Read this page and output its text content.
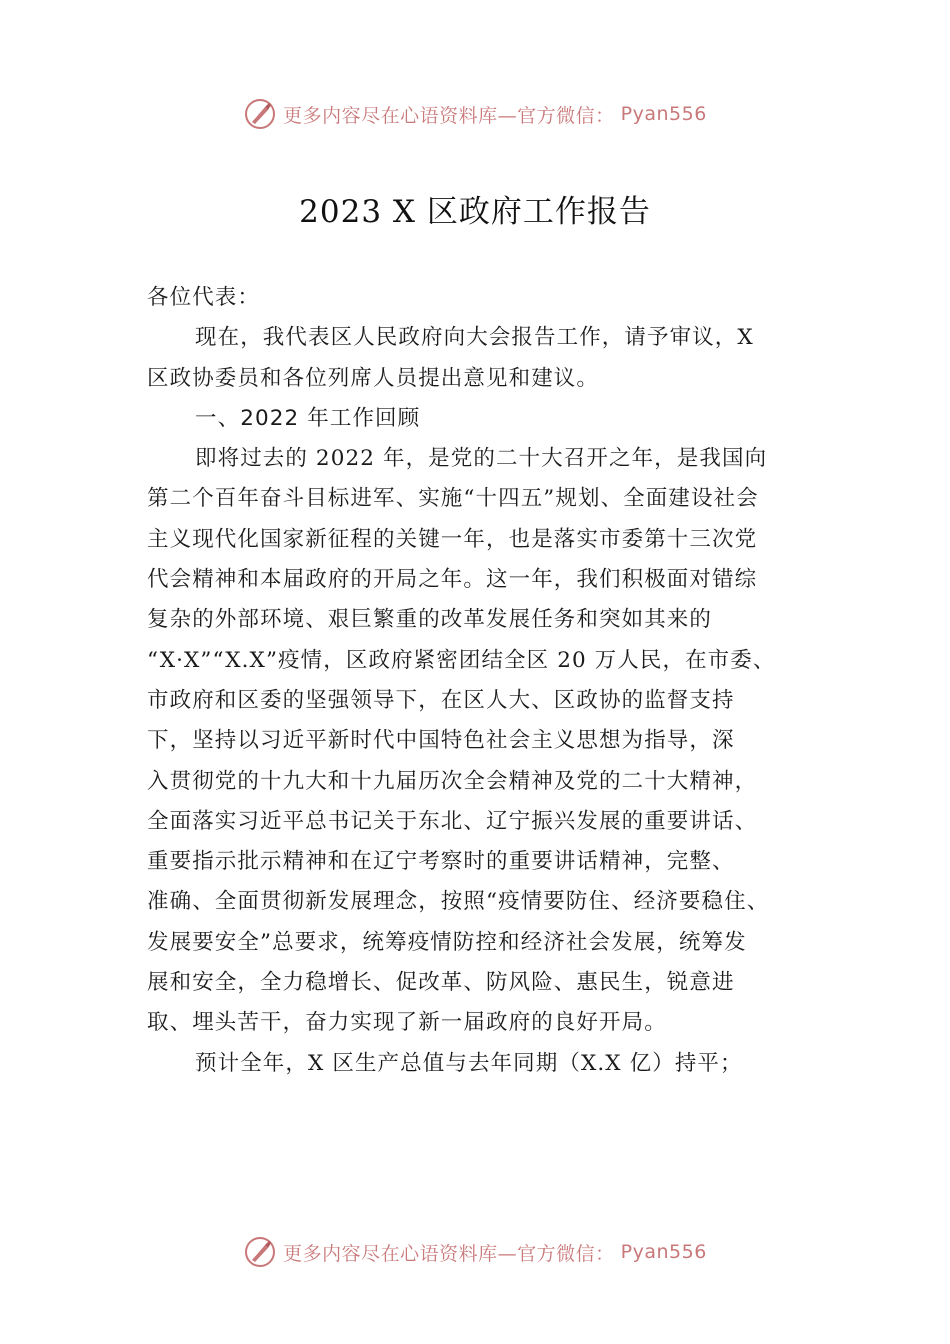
更多内容尽在心语资料库—官方微信： Pyan556
2023 X 区政府工作报告
各位代表：
现在，我代表区人民政府向大会报告工作，请予审议，X
区政协委员和各位列席人员提出意见和建议。
一、2022 年工作回顾
即将过去的 2022 年，是党的二十大召开之年，是我国向
第二个百年奋斗目标进军、实施“十四五”规划、全面建设社会
主义现代化国家新征程的关键一年，也是落实市委第十三次党
代会精神和本届政府的开局之年。这一年，我们积极面对错综
复杂的外部环境、艰巨繁重的改革发展任务和突如其来的
“X·X”“X.X”疫情，区政府紧密团结全区 20 万人民，在市委、
市政府和区委的坚强领导下，在区人大、区政协的监督支持
下，坚持以习近平新时代中国特色社会主义思想为指导，深
入贯彻党的十九大和十九届历次全会精神及党的二十大精神，
全面落实习近平总书记关于东北、辽宁振兴发展的重要讲话、
重要指示批示精神和在辽宁考察时的重要讲话精神，完整、
准确、全面贯彻新发展理念，按照“疫情要防住、经济要稳住、
发展要安全”总要求，统筹疫情防控和经济社会发展，统筹发
展和安全，全力稳增长、促改革、防风险、惠民生，锐意进
取、埋头苦干，奋力实现了新一届政府的良好开局。
预计全年，X 区生产总值与去年同期（X.X 亿）持平；
更多内容尽在心语资料库—官方微信： Pyan556
